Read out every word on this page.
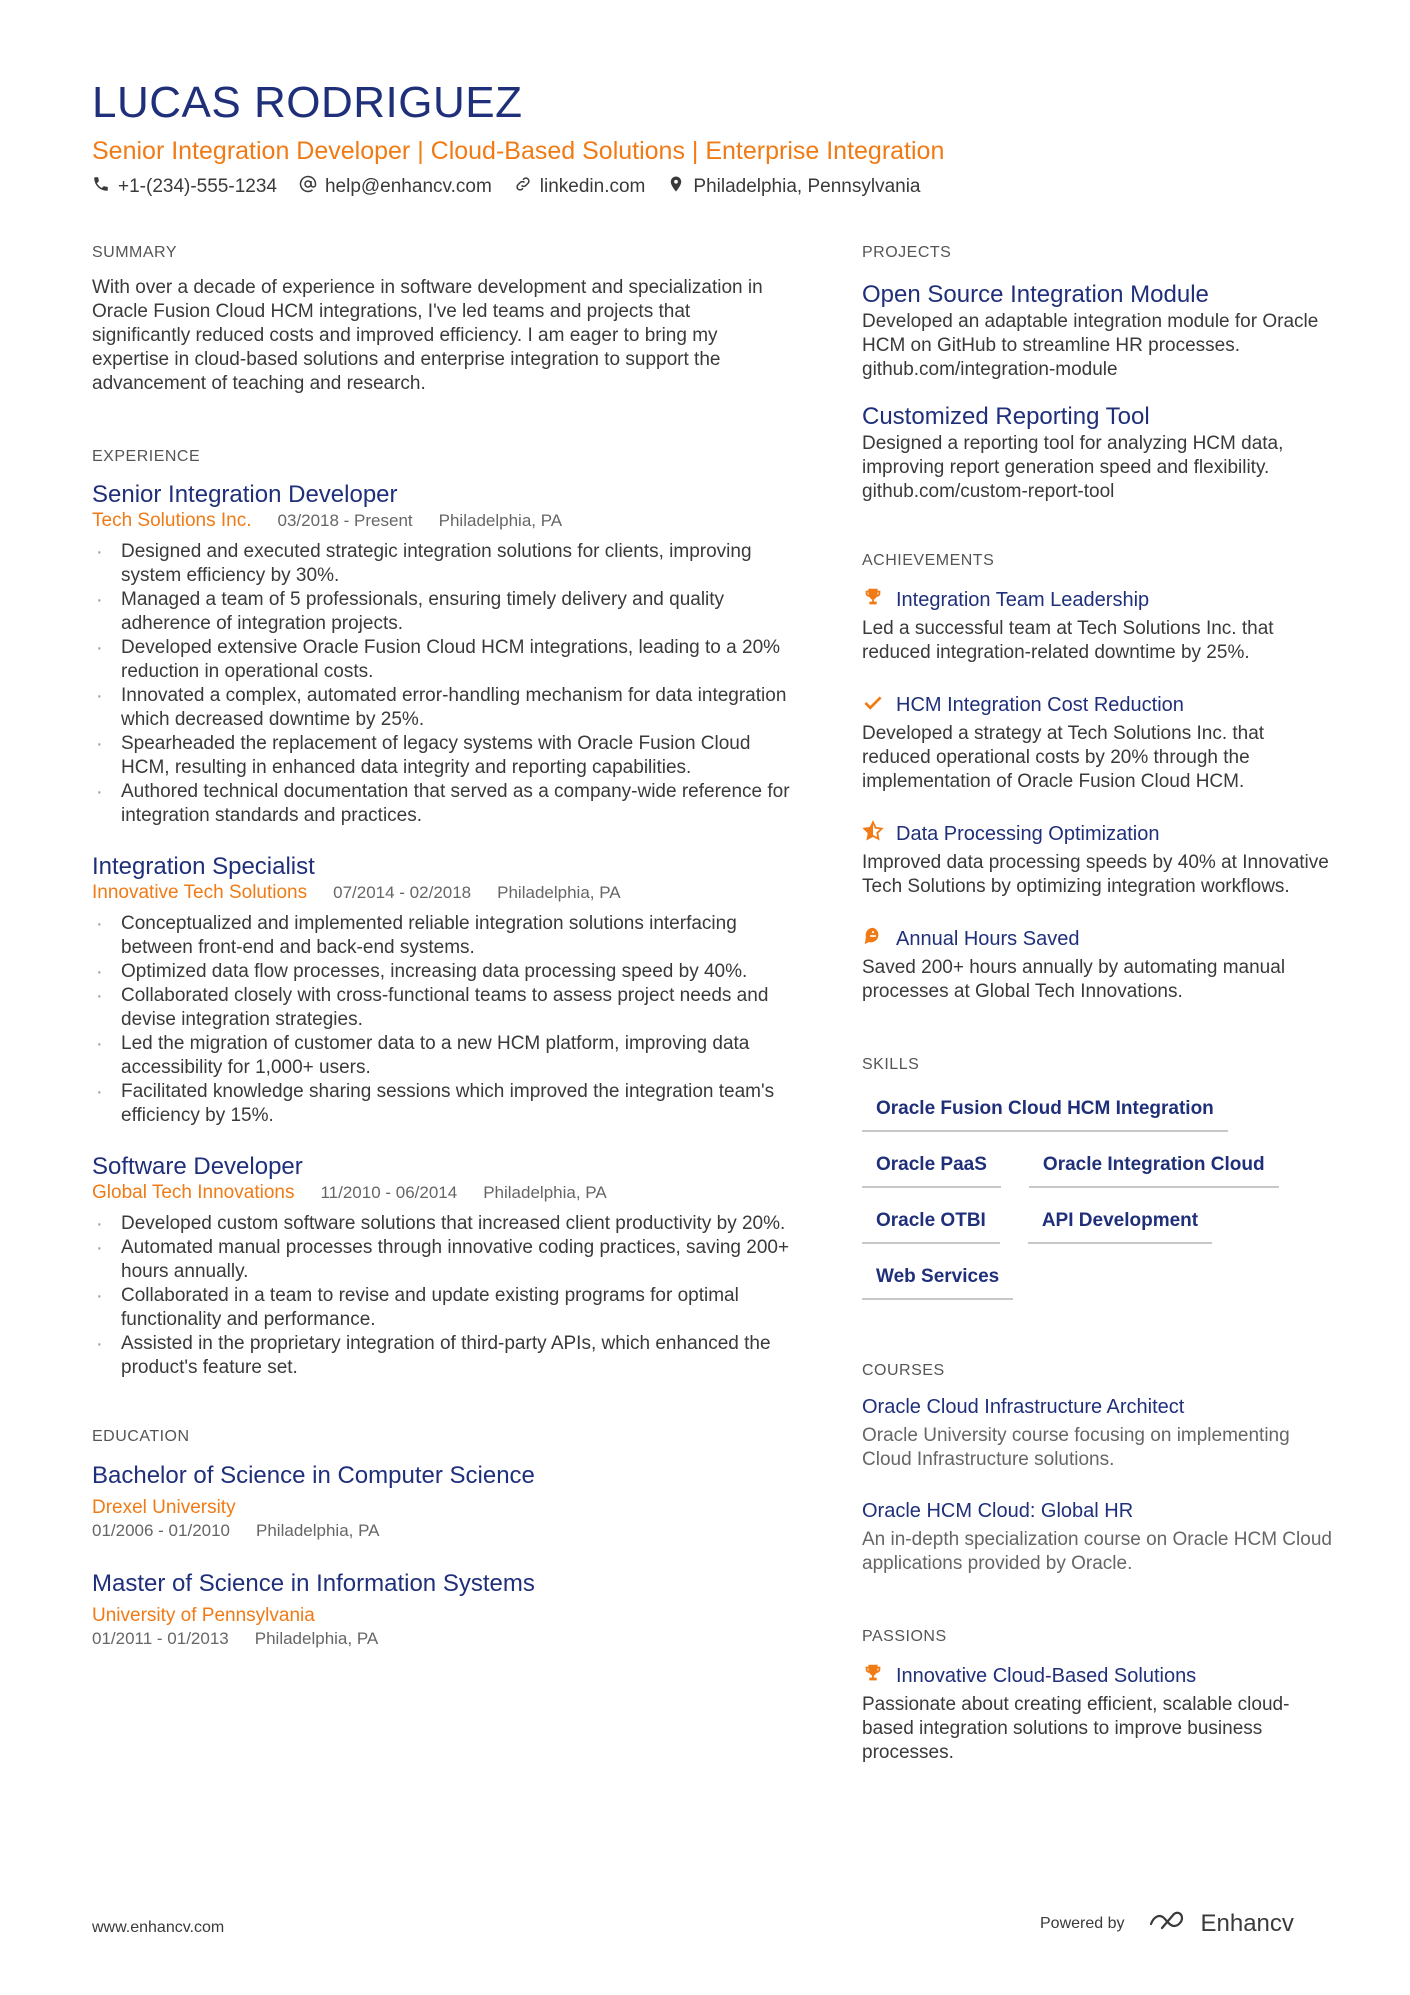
LUCAS RODRIGUEZ
Senior Integration Developer | Cloud-Based Solutions | Enterprise Integration
+1-(234)-555-1234	help@enhancv.com	linkedin.com	Philadelphia, Pennsylvania
SUMMARY
With over a decade of experience in software development and specialization in Oracle Fusion Cloud HCM integrations, I've led teams and projects that significantly reduced costs and improved efficiency. I am eager to bring my expertise in cloud-based solutions and enterprise integration to support the advancement of teaching and research.
EXPERIENCE
Senior Integration Developer
Tech Solutions Inc. 03/2018 - Present Philadelphia, PA
· Designed and executed strategic integration solutions for clients, improving system efficiency by 30%.
· Managed a team of 5 professionals, ensuring timely delivery and quality adherence of integration projects.
· Developed extensive Oracle Fusion Cloud HCM integrations, leading to a 20% reduction in operational costs.
· Innovated a complex, automated error-handling mechanism for data integration which decreased downtime by 25%.
· Spearheaded the replacement of legacy systems with Oracle Fusion Cloud HCM, resulting in enhanced data integrity and reporting capabilities.
· Authored technical documentation that served as a company-wide reference for integration standards and practices.
Integration Specialist
Innovative Tech Solutions 07/2014 - 02/2018 Philadelphia, PA
· Conceptualized and implemented reliable integration solutions interfacing between front-end and back-end systems.
· Optimized data flow processes, increasing data processing speed by 40%.
· Collaborated closely with cross-functional teams to assess project needs and devise integration strategies.
· Led the migration of customer data to a new HCM platform, improving data accessibility for 1,000+ users.
· Facilitated knowledge sharing sessions which improved the integration team's efficiency by 15%.
Software Developer
Global Tech Innovations 11/2010 - 06/2014 Philadelphia, PA
· Developed custom software solutions that increased client productivity by 20%.
· Automated manual processes through innovative coding practices, saving 200+ hours annually.
· Collaborated in a team to revise and update existing programs for optimal functionality and performance.
· Assisted in the proprietary integration of third-party APIs, which enhanced the product's feature set.
EDUCATION
Bachelor of Science in Computer Science
Drexel University
01/2006 - 01/2010 Philadelphia, PA
Master of Science in Information Systems
University of Pennsylvania
01/2011 - 01/2013 Philadelphia, PA
PROJECTS
Open Source Integration Module
Developed an adaptable integration module for Oracle HCM on GitHub to streamline HR processes. github.com/integration-module
Customized Reporting Tool
Designed a reporting tool for analyzing HCM data, improving report generation speed and flexibility. github.com/custom-report-tool
ACHIEVEMENTS
Integration Team Leadership
Led a successful team at Tech Solutions Inc. that reduced integration-related downtime by 25%.
HCM Integration Cost Reduction
Developed a strategy at Tech Solutions Inc. that reduced operational costs by 20% through the implementation of Oracle Fusion Cloud HCM.
Data Processing Optimization
Improved data processing speeds by 40% at Innovative Tech Solutions by optimizing integration workflows.
Annual Hours Saved
Saved 200+ hours annually by automating manual processes at Global Tech Innovations.
SKILLS
Oracle Fusion Cloud HCM Integration
Oracle PaaS	Oracle Integration Cloud
Oracle OTBI	API Development
Web Services
COURSES
Oracle Cloud Infrastructure Architect
Oracle University course focusing on implementing Cloud Infrastructure solutions.
Oracle HCM Cloud: Global HR
An in-depth specialization course on Oracle HCM Cloud applications provided by Oracle.
PASSIONS
Innovative Cloud-Based Solutions
Passionate about creating efficient, scalable cloud-based integration solutions to improve business processes.
www.enhancv.com	Powered by	Enhancv
